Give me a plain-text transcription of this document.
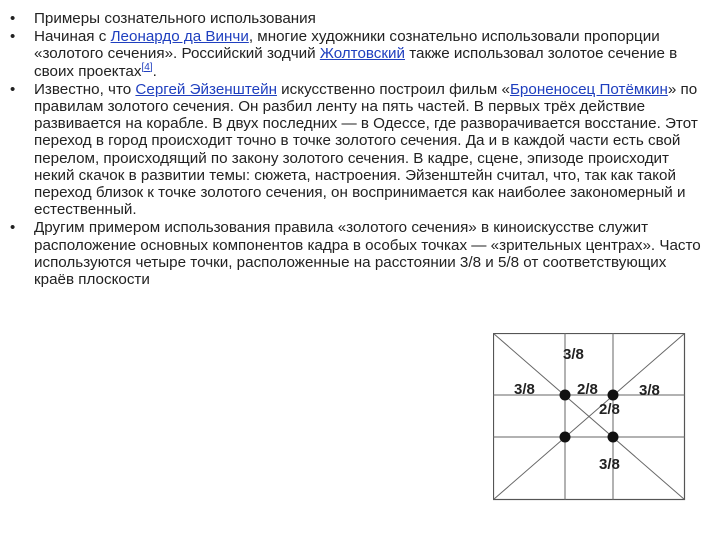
•	Примеры сознательного использования
•	Начиная с Леонардо да Винчи, многие художники сознательно использовали пропорции «золотого сечения». Российский зодчий Жолтовский также использовал золотое сечение в своих проектах[4].
•	Известно, что Сергей Эйзенштейн искусственно построил фильм «Броненосец Потёмкин» по правилам золотого сечения. Он разбил ленту на пять частей. В первых трёх действие развивается на корабле. В двух последних — в Одессе, где разворачивается восстание. Этот переход в город происходит точно в точке золотого сечения. Да и в каждой части есть свой перелом, происходящий по закону золотого сечения. В кадре, сцене, эпизоде происходит некий скачок в развитии темы: сюжета, настроения. Эйзенштейн считал, что, так как такой переход близок к точке золотого сечения, он воспринимается как наиболее закономерный и естественный.
•	Другим примером использования правила «золотого сечения» в киноискусстве служит расположение основных компонентов кадра в особых точках — «зрительных центрах». Часто используются четыре точки, расположенные на расстоянии 3/8 и 5/8 от соответствующих краёв плоскости
3/8
3/8	2/8	3/8
2/8
3/8
